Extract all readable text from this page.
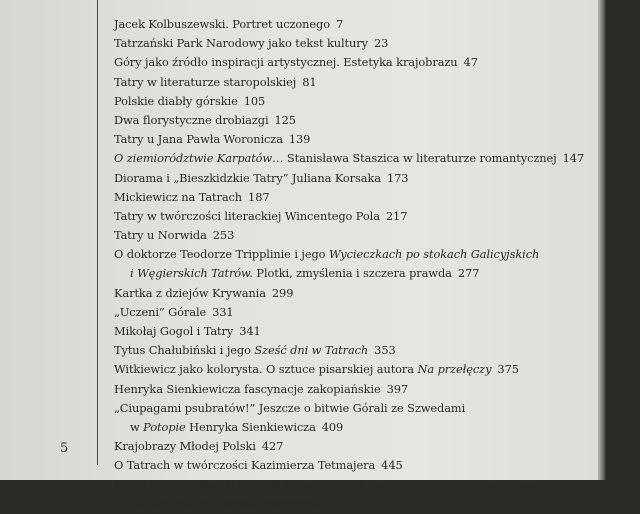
5
Jacek Kolbuszewski. Portret uczonego 7
Tatrzański Park Narodowy jako tekst kultury 23
Góry jako źródło inspiracji artystycznej. Estetyka krajobrazu 47
Tatry w literaturze staropolskiej 81
Polskie diabły górskie 105
Dwa florystyczne drobiazgi 125
Tatry u Jana Pawła Woronicza 139
O ziemiorództwie Karpatów… Stanisława Staszica w literaturze romantycznej 147
Diorama i „Bieszkidzkie Tatry” Juliana Korsaka 173
Mickiewicz na Tatrach 187
Tatry w twórczości literackiej Wincentego Pola 217
Tatry u Norwida 253
O doktorze Teodorze Tripplinie i jego Wycieczkach po stokach Galicyjskich
i Węgierskich Tatrów. Plotki, zmyślenia i szczera prawda 277
Kartka z dziejów Krywania 299
„Uczeni” Górale 331
Mikołaj Gogol i Tatry 341
Tytus Chałubiński i jego Sześć dni w Tatrach 353
Witkiewicz jako kolorysta. O sztuce pisarskiej autora Na przełęczy 375
Henryka Sienkiewicza fascynacje zakopiańskie 397
„Ciupagami psubratów!” Jeszcze o bitwie Górali ze Szwedami
w Potopie Henryka Sienkiewicza 409
Krajobrazy Młodej Polski 427
O Tatrach w twórczości Kazimierza Tetmajera 445
Kazimierz Przerwa-Tetmajer: Melodia mgieł nocnych (Nad Czarnym Stawem
Gąsienicowym). Próba interpretacji 469
